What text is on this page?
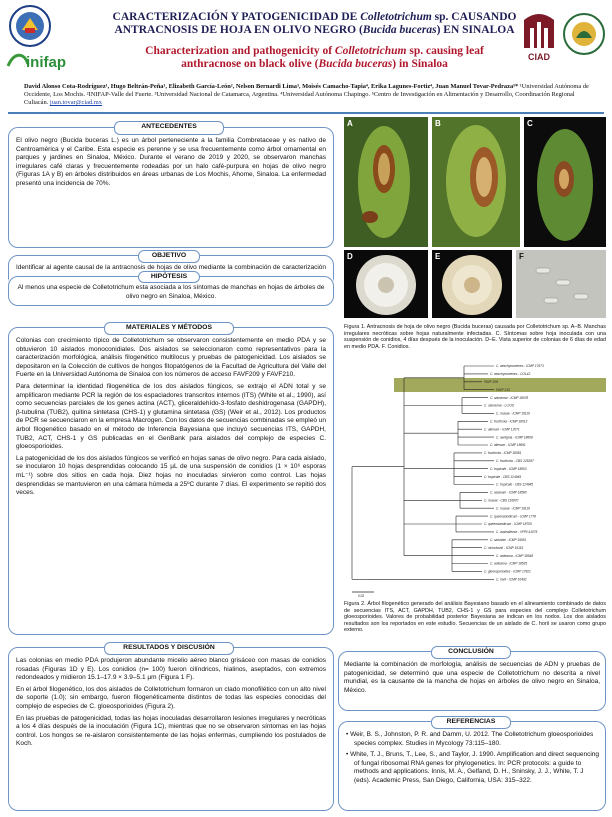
inifap
CARACTERIZACIÓN Y PATOGENICIDAD DE Colletotrichum sp. CAUSANDO
ANTRACNOSIS DE HOJA EN OLIVO NEGRO (Bucida buceras) EN SINALOA
Characterization and pathogenicity of Colletotrichum sp. causing leaf
anthracnose on black olive (Bucida buceras) in Sinaloa
CIAD
David Alonso Cota-Rodríguez¹, Hugo Beltrán-Peña¹, Elizabeth García-León², Nelson Bernardi Lima³, Moisés Camacho-Tapia⁴, Erika Lagunes-Fortiz⁴, Juan Manuel Tovar-Pedraza⁵* ¹Universidad Autónoma de Occidente, Los Mochis. ²INIFAP-Valle del Fuerte. ³Universidad Nacional de Catamarca, Argentina. ⁴Universidad Autónoma Chapingo. ⁵Centro de Investigación en Alimentación y Desarrollo, Coordinación Regional Culiacán. juan.tovar@ciad.mx
ANTECEDENTES

El olivo negro (Bucida buceras L.) es un árbol perteneciente a la familia Combretaceae y es nativo de Centroamérica y el Caribe. Esta especie es perenne y se usa frecuentemente como árbol ornamental en parques y jardines en Sinaloa, México. Durante el verano de 2019 y 2020, se observaron manchas irregulares café claras y frecuentemente rodeadas por un halo café-purpura en hojas de olivo negro (Figuras 1A y B) en árboles distribuidos en áreas urbanas de Los Mochis, Ahome, Sinaloa. La enfermedad presentó una incidencia de 70%.

OBJETIVO

Identificar al agente causal de la antracnosis de hojas de olivo mediante la combinación de caracterización

HIPÓTESIS

Al menos una especie de Colletotrichum esta asociada a los síntomas de manchas en hojas de árboles de olivo negro en Sinaloa, México.

MATERIALES Y MÉTODOS

Colonias con crecimiento típico de Colletotrichum se observaron consistentemente en medio PDA y se obtuvieron 10 aislados monoconidiales. Dos aislados se seleccionaron como representativos para la caracterización morfológica, análisis filogenético multilocus y pruebas de patogenicidad. Los aislados se depositaron en la Colección de cultivos de hongos fitopatógenos de la Facultad de Agricultura del Valle del Fuerte en la Universidad Autónoma de Sinaloa con los números de acceso FAVF209 y FAVF210.

Para determinar la identidad filogenética de los dos aislados fúngicos, se extrajo el ADN total y se amplificaron mediante PCR la región de los espaciadores transcritos internos (ITS) (White et al., 1990), así como secuencias parciales de los genes actina (ACT), gliceraldehído-3-fosfato deshidrogenasa (GAPDH), β-tubulina (TUB2), quitina sintetasa (CHS-1) y glutamina sintetasa (GS) (Weir et al., 2012). Los productos de PCR se secuenciaron en la empresa Macrogen. Con los datos de secuencias combinadas se empleó un árbol filogenético basado en el método de Inferencia Bayesiana que incluyó secuencias ITS, GAPDH, TUB2, ACT, CHS-1 y GS publicadas en el GenBank para aislados del complejo de especies C. gloeosporioides.

La patogenicidad de los dos aislados fúngicos se verificó en hojas sanas de olivo negro. Para cada aislado, se inocularon 10 hojas desprendidas colocando 15 µL de una suspensión de conidios (1 × 10⁶ esporas mL⁻¹) sobre dos sitios en cada hoja. Diez hojas no inoculadas sirvieron como control. Las hojas desprendidas se mantuvieron en una cámara húmeda a 25ºC durante 7 días. El experimento se repitió dos veces.

RESULTADOS Y DISCUSIÓN

Las colonias en medio PDA produjeron abundante micelio aéreo blanco grisáceo con masas de conidios rosadas (Figuras 1D y E). Los conidios (n= 100) fueron cilíndricos, hialinos, aseptados, con extremos redondeados y midieron 15.1–17.9 × 3.9–5.1 µm (Figura 1 F).

En el árbol filogenético, los dos aislados de Colletotrichum formaron un clado monofilético con un alto nivel de soporte (1.0); sin embargo, fueron filogenéticamente distintos de todas las especies conocidas del complejo de especies de C. gloeosporioides (Figura 2).

En las pruebas de patogenicidad, todas las hojas inoculadas desarrollaron lesiones irregulares y necróticas a los 4 días después de la inoculación (Figura 1C), mientras que no se observaron síntomas en las hojas control. Los hongos se re-aislaron consistentemente de las hojas enfermas, cumpliendo los postulados de Koch.

A	B	C
D	E	F
Figura 1. Antracnosis de hoja de olivo negro (Bucida buceras) causada por Colletotrichum sp. A–B. Manchas irregulares necróticas sobre hojas naturalmente infectadas. C. Síntomas sobre hoja inoculada con una suspensión de conidios, 4 días después de la inoculación. D–E. Vista superior de colonias de 6 días de edad en medio PDA. F. Conidios.
C. aeschynomenes - ICMP 17673
C. aeschynomenes - COL42
FAVF 209
FAVF 210
C. siamense - ICMP 18578
C. siamense - LC/US
C. musae - ICMP 19119
C. fructicola - ICMP 18613
C. alienum - ICMP 12071
C. aenigma - ICMP 18608
C. alienum - ICMP 18691
C. fructicola - ICMP 18581
C. fructicola - CBS 125397
C. tropicale - ICMP 18653
C. tropicale - CBS 124949
C. tropicale - CBS 124945
C. asianum - ICMP 18580
C. musae - CBS 116870
C. musae - ICMP 19119
C. queenslandicum - ICMP 1778
C. queenslandicum - ICMP 18705
C. australiense - VPRI 41075
C. salsolae - ICMP 19051
C. nicholsonii - ICMP 19115
C. aotearoa - ICMP 18548
C. aotearoa - ICMP 18535
C. gloeosporioides - ICMP 17821
C. horii - ICMP 10492
0.02
Figura 2. Árbol filogenético generado del análisis Bayesiano basado en el alineamiento combinado de datos de secuencias ITS, ACT, GAPDH, TUB2, CHS-1 y GS para especies del complejo Colletotrichum gloeosporioides. Valores de probabilidad posterior Bayesiana se indican en los nodos. Los dos aislados resultados son los reportados en este estudio. Secuencias de un aislado de C. horii se usaron como grupo externo.
CONCLUSIÓN

Mediante la combinación de morfología, análisis de secuencias de ADN y pruebas de patogenicidad, se determinó que una especie de Colletotrichum no descrita a nivel mundial, es la causante de la mancha de hojas en árboles de olivo negro en Sinaloa, México.

REFERENCIAS

• Weir, B. S., Johnston, P. R. and Damm, U. 2012. The Colletotrichum gloeosporioides species complex. Studies in Mycology 73:115–180.

• White, T. J., Bruns, T., Lee, S., and Taylor, J. 1990. Amplification and direct sequencing of fungal ribosomal RNA genes for phylogenetics. In: PCR protocols: a guide to methods and applications. Innis, M. A., Gelfand, D. H., Sninsky, J. J., White, T. J (eds). Academic Press, San Diego, California, USA: 315–322.
